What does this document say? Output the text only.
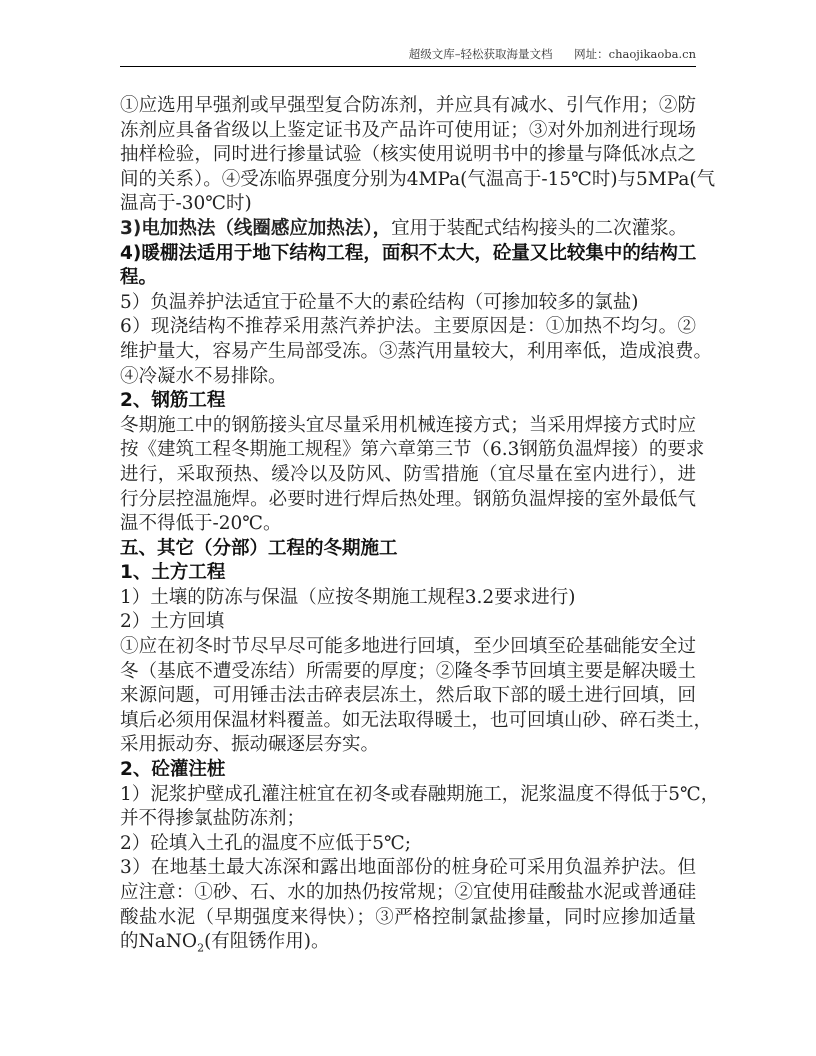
超级文库–轻松获取海量文档 网址：chaojikaoba.cn
①应选用早强剂或早强型复合防冻剂，并应具有减水、引气作用；②防
冻剂应具备省级以上鉴定证书及产品许可使用证；③对外加剂进行现场
抽样检验，同时进行掺量试验（核实使用说明书中的掺量与降低冰点之
间的关系）。④受冻临界强度分别为4MPa(气温高于-15℃时)与5MPa(气
温高于-30℃时)
3)电加热法（线圈感应加热法），宜用于装配式结构接头的二次灌浆。
4)暖棚法适用于地下结构工程，面积不太大，砼量又比较集中的结构工
程。
5）负温养护法适宜于砼量不大的素砼结构（可掺加较多的氯盐)
6）现浇结构不推荐采用蒸汽养护法。主要原因是：①加热不均匀。②
维护量大，容易产生局部受冻。③蒸汽用量较大，利用率低，造成浪费。
④冷凝水不易排除。
2、钢筋工程
冬期施工中的钢筋接头宜尽量采用机械连接方式；当采用焊接方式时应
按《建筑工程冬期施工规程》第六章第三节（6.3钢筋负温焊接）的要求
进行，采取预热、缓冷以及防风、防雪措施（宜尽量在室内进行），进
行分层控温施焊。必要时进行焊后热处理。钢筋负温焊接的室外最低气
温不得低于-20℃。
五、其它（分部）工程的冬期施工
1、土方工程
1）土壤的防冻与保温（应按冬期施工规程3.2要求进行)
2）土方回填
①应在初冬时节尽早尽可能多地进行回填，至少回填至砼基础能安全过
冬（基底不遭受冻结）所需要的厚度；②隆冬季节回填主要是解决暖土
来源问题，可用锤击法击碎表层冻土，然后取下部的暖土进行回填，回
填后必须用保温材料覆盖。如无法取得暖土，也可回填山砂、碎石类土，
采用振动夯、振动碾逐层夯实。
2、砼灌注桩
1）泥浆护壁成孔灌注桩宜在初冬或春融期施工，泥浆温度不得低于5℃，
并不得掺氯盐防冻剂；
2）砼填入土孔的温度不应低于5℃;
3）在地基土最大冻深和露出地面部份的桩身砼可采用负温养护法。但
应注意：①砂、石、水的加热仍按常规；②宜使用硅酸盐水泥或普通硅
酸盐水泥（早期强度来得快）；③严格控制氯盐掺量，同时应掺加适量
的NaNO$_2$(有阻锈作用)。
